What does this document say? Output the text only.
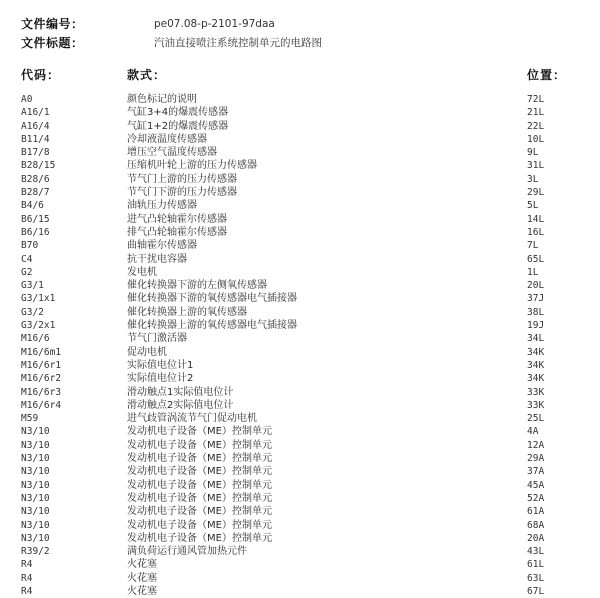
文件编号：	pe07.08-p-2101-97daa
文件标题：	汽油直接喷注系统控制单元的电路图
代码：	款式：	位置：
A0	颜色标记的说明	72L
A16/1	气缸3+4的爆震传感器	21L
A16/4	气缸1+2的爆震传感器	22L
B11/4	冷却液温度传感器	10L
B17/8	增压空气温度传感器	9L
B28/15	压缩机叶轮上游的压力传感器	31L
B28/6	节气门上游的压力传感器	3L
B28/7	节气门下游的压力传感器	29L
B4/6	油轨压力传感器	5L
B6/15	进气凸轮轴霍尔传感器	14L
B6/16	排气凸轮轴霍尔传感器	16L
B70	曲轴霍尔传感器	7L
C4	抗干扰电容器	65L
G2	发电机	1L
G3/1	催化转换器下游的左侧氧传感器	20L
G3/1x1	催化转换器下游的氧传感器电气插接器	37J
G3/2	催化转换器上游的氧传感器	38L
G3/2x1	催化转换器上游的氧传感器电气插接器	19J
M16/6	节气门激活器	34L
M16/6m1	促动电机	34K
M16/6r1	实际值电位计1	34K
M16/6r2	实际值电位计2	34K
M16/6r3	滑动触点1实际值电位计	33K
M16/6r4	滑动触点2实际值电位计	33K
M59	进气歧管涡流节气门促动电机	25L
N3/10	发动机电子设备（ME）控制单元	4A
N3/10	发动机电子设备（ME）控制单元	12A
N3/10	发动机电子设备（ME）控制单元	29A
N3/10	发动机电子设备（ME）控制单元	37A
N3/10	发动机电子设备（ME）控制单元	45A
N3/10	发动机电子设备（ME）控制单元	52A
N3/10	发动机电子设备（ME）控制单元	61A
N3/10	发动机电子设备（ME）控制单元	68A
N3/10	发动机电子设备（ME）控制单元	20A
R39/2	满负荷运行通风管加热元件	43L
R4	火花塞	61L
R4	火花塞	63L
R4	火花塞	67L
